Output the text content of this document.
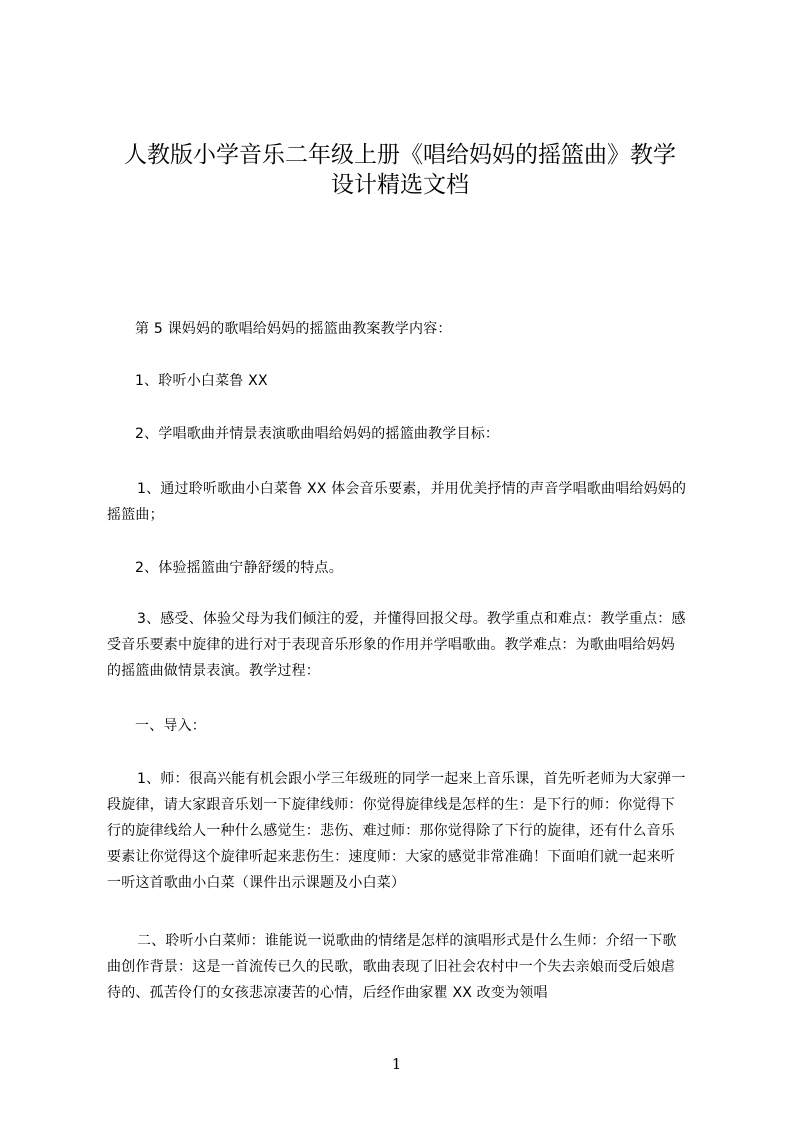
人教版小学音乐二年级上册《唱给妈妈的摇篮曲》教学
设计精选文档

第 5 课妈妈的歌唱给妈妈的摇篮曲教案教学内容：

1、聆听小白菜鲁 XX

2、学唱歌曲并情景表演歌曲唱给妈妈的摇篮曲教学目标：

1、通过聆听歌曲小白菜鲁 XX 体会音乐要素，并用优美抒情的声音学唱歌曲唱给妈妈的摇篮曲；

2、体验摇篮曲宁静舒缓的特点。

3、感受、体验父母为我们倾注的爱，并懂得回报父母。教学重点和难点：教学重点：感受音乐要素中旋律的进行对于表现音乐形象的作用并学唱歌曲。教学难点：为歌曲唱给妈妈的摇篮曲做情景表演。教学过程：

一、导入：

1、师：很高兴能有机会跟小学三年级班的同学一起来上音乐课，首先听老师为大家弹一段旋律，请大家跟音乐划一下旋律线师：你觉得旋律线是怎样的生：是下行的师：你觉得下行的旋律线给人一种什么感觉生：悲伤、难过师：那你觉得除了下行的旋律，还有什么音乐要素让你觉得这个旋律听起来悲伤生：速度师：大家的感觉非常准确！下面咱们就一起来听一听这首歌曲小白菜（课件出示课题及小白菜）

二、聆听小白菜师：谁能说一说歌曲的情绪是怎样的演唱形式是什么生师：介绍一下歌曲创作背景：这是一首流传已久的民歌，歌曲表现了旧社会农村中一个失去亲娘而受后娘虐待的、孤苦伶仃的女孩悲凉凄苦的心情，后经作曲家瞿 XX 改变为领唱

1
